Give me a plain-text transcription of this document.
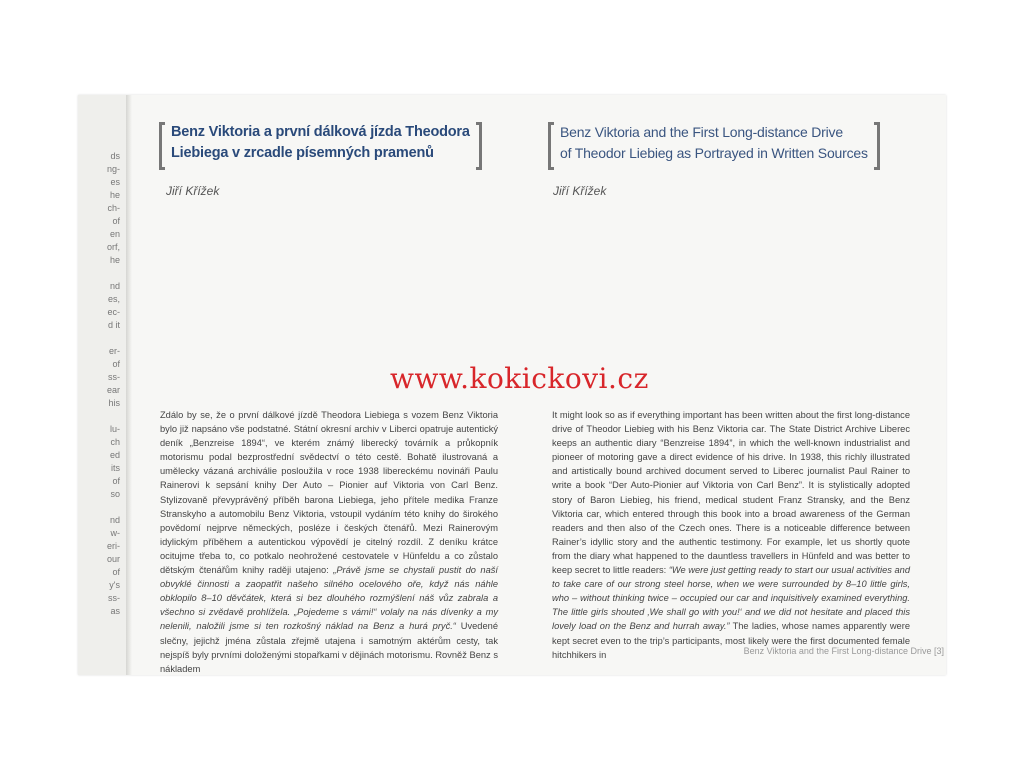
ds
ng-
es
he
ch-
of
en
orf,
he
nd
es,
ec-
d it
er-
of
ss-
ear
his
lu-
ch
ed
its
of
so
nd
w-
eri-
our
of
y's
ss-
as
Benz Viktoria a první dálková jízda Theodora
Liebiega v zrcadle písemných pramenů
Jiří Křížek
Benz Viktoria and the First Long-distance Drive
of Theodor Liebieg as Portrayed in Written Sources
Jiří Křížek
www.kokickovi.cz

Zdálo by se, že o první dálkové jízdě Theodora Liebiega s vozem Benz Viktoria bylo již napsáno vše podstatné. Státní okresní archiv v Liberci opatruje autentický deník „Benzreise 1894“, ve kterém známý liberecký továrník a průkopník motorismu podal bezprostřední svědectví o této cestě. Bohatě ilustrovaná a umělecky vázaná archiválie posloužila v roce 1938 libereckému novináři Paulu Rainerovi k sepsání knihy Der Auto – Pionier auf Viktoria von Carl Benz. Stylizovaně převyprávěný příběh barona Liebiega, jeho přítele medika Franze Stranskyho a automobilu Benz Viktoria, vstoupil vydáním této knihy do širokého povědomí nejprve německých, posléze i českých čtenářů. Mezi Rainerovým idylickým příběhem a autentickou výpovědí je citelný rozdíl. Z deníku krátce ocitujme třeba to, co potkalo neohrožené cestovatele v Hünfeldu a co zůstalo dětským čtenářům knihy raději utajeno: „Právě jsme se chystali pustit do naší obvyklé činnosti a zaopatřit našeho silného ocelového oře, když nás náhle obklopilo 8–10 děvčátek, která si bez dlouhého rozmýšlení náš vůz zabrala a všechno si zvědavě prohlížela. „Pojedeme s vámi!“ volaly na nás dívenky a my nelenili, naložili jsme si ten rozkošný náklad na Benz a hurá pryč.“ Uvedené slečny, jejichž jména zůstala zřejmě utajena i samotným aktérům cesty, tak nejspíš byly prvními doloženými stopařkami v dějinách motorismu. Rovněž Benz s nákladem

It might look so as if everything important has been written about the first long-distance drive of Theodor Liebieg with his Benz Viktoria car. The State District Archive Liberec keeps an authentic diary “Benzreise 1894”, in which the well-known industrialist and pioneer of motoring gave a direct evidence of his drive. In 1938, this richly illustrated and artistically bound archived document served to Liberec journalist Paul Rainer to write a book “Der Auto-Pionier auf Viktoria von Carl Benz”. It is stylistically adopted story of Baron Liebieg, his friend, medical student Franz Stransky, and the Benz Viktoria car, which entered through this book into a broad awareness of the German readers and then also of the Czech ones. There is a noticeable difference between Rainer’s idyllic story and the authentic testimony. For example, let us shortly quote from the diary what happened to the dauntless travellers in Hünfeld and was better to keep secret to little readers: “We were just getting ready to start our usual activities and to take care of our strong steel horse, when we were surrounded by 8–10 little girls, who – without thinking twice – occupied our car and inquisitively examined everything. The little girls shouted ‚We shall go with you!‘ and we did not hesitate and placed this lovely load on the Benz and hurrah away.” The ladies, whose names apparently were kept secret even to the trip’s participants, most likely were the first documented female hitchhikers in	Benz Viktoria and the First Long-distance Drive [3]
